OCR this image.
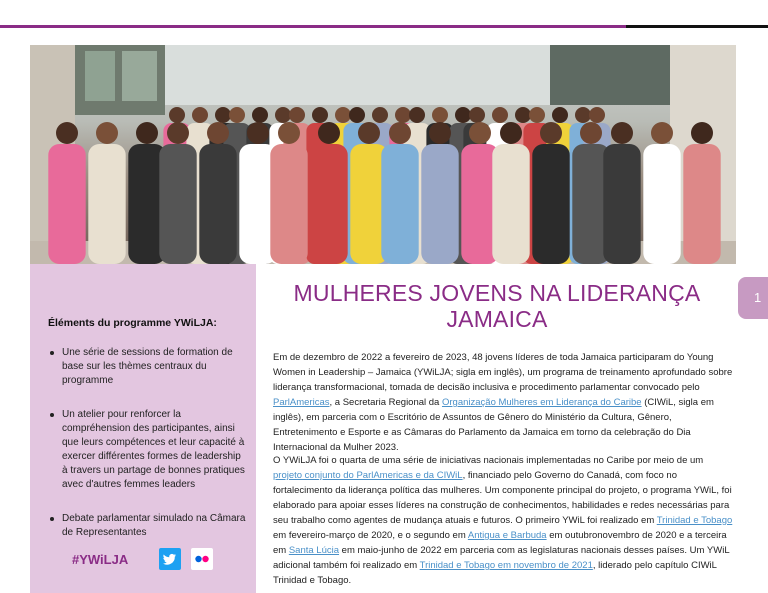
Éléments du programme YWiLJA:
Une série de sessions de formation de base sur les thèmes centraux du programme
Un atelier pour renforcer la compréhension des participantes, ainsi que leurs compétences et leur capacité à exercer différentes formes de leadership à travers un partage de bonnes pratiques avec d'autres femmes leaders
Debate parlamentar simulado na Câmara de Representantes
#YWiLJA
1
MULHERES JOVENS NA LIDERANÇA JAMAICA

Em de dezembro de 2022 a fevereiro de 2023, 48 jovens líderes de toda Jamaica participaram do Young Women in Leadership – Jamaica (YWiLJA; sigla em inglês), um programa de treinamento aprofundado sobre liderança transformacional, tomada de decisão inclusiva e procedimento parlamentar convocado pelo ParlAmericas, a Secretaria Regional da Organização Mulheres em Liderança do Caribe (CIWiL, sigla em inglês), em parceria com o Escritório de Assuntos de Gênero do Ministério da Cultura, Gênero, Entretenimento e Esporte e as Câmaras do Parlamento da Jamaica em torno da celebração do Dia Internacional da Mulher 2023.

O YWiLJA foi o quarta de uma série de iniciativas nacionais implementadas no Caribe por meio de um projeto conjunto do ParlAmericas e da CIWiL, financiado pelo Governo do Canadá, com foco no fortalecimento da liderança política das mulheres. Um componente principal do projeto, o programa YWiL, foi elaborado para apoiar esses líderes na construção de conhecimentos, habilidades e redes necessárias para seu trabalho como agentes de mudança atuais e futuros. O primeiro YWiL foi realizado em Trinidad e Tobago em fevereiro-março de 2020, e o segundo em Antigua e Barbuda em outubronovembro de 2020 e a terceira em Santa Lúcia em maio-junho de 2022 em parceria com as legislaturas nacionais desses países. Um YWiL adicional também foi realizado em Trinidad e Tobago em novembro de 2021, liderado pelo capítulo CIWiL Trinidad e Tobago.
